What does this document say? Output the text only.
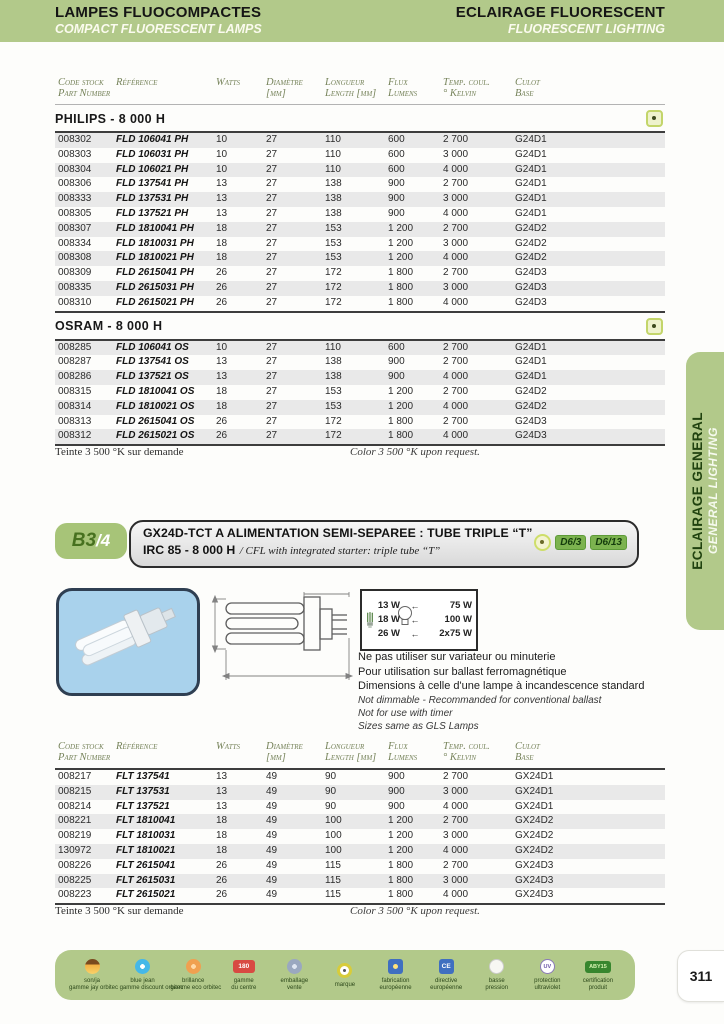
LAMPES FLUOCOMPACTES
COMPACT FLUORESCENT LAMPS
ECLAIRAGE FLUORESCENT
FLUORESCENT LIGHTING
Code stock
Part Number	Référence	Watts	Diamètre
[mm]	Longueur
Length [mm]	Flux
Lumens	Temp. coul.
° Kelvin	Culot
Base

PHILIPS - 8 000 H							

008302	FLD 106041 PH	10	27	110	600	2 700	G24D1
008303	FLD 106031 PH	10	27	110	600	3 000	G24D1
008304	FLD 106021 PH	10	27	110	600	4 000	G24D1
008306	FLD 137541 PH	13	27	138	900	2 700	G24D1
008333	FLD 137531 PH	13	27	138	900	3 000	G24D1
008305	FLD 137521 PH	13	27	138	900	4 000	G24D1
008307	FLD 1810041 PH	18	27	153	1 200	2 700	G24D2
008334	FLD 1810031 PH	18	27	153	1 200	3 000	G24D2
008308	FLD 1810021 PH	18	27	153	1 200	4 000	G24D2
008309	FLD 2615041 PH	26	27	172	1 800	2 700	G24D3
008335	FLD 2615031 PH	26	27	172	1 800	3 000	G24D3
008310	FLD 2615021 PH	26	27	172	1 800	4 000	G24D3

OSRAM - 8 000 H							

008285	FLD 106041 OS	10	27	110	600	2 700	G24D1
008287	FLD 137541 OS	13	27	138	900	2 700	G24D1
008286	FLD 137521 OS	13	27	138	900	4 000	G24D1
008315	FLD 1810041 OS	18	27	153	1 200	2 700	G24D2
008314	FLD 1810021 OS	18	27	153	1 200	4 000	G24D2
008313	FLD 2615041 OS	26	27	172	1 800	2 700	G24D3
008312	FLD 2615021 OS	26	27	172	1 800	4 000	G24D3
Teinte 3 500 °K sur demande	Color 3 500 °K upon request.
B3 /4	GX24D-TCT A ALIMENTATION SEMI-SEPAREE : TUBE TRIPLE “T”
IRC 85 - 8 000 H / CFL with integrated starter: triple tube “T”
D6/3	D6/13
13 W	←	75 W
18 W	←	100 W
26 W	←	2x75 W
Ne pas utiliser sur variateur ou minuterie
Pour utilisation sur ballast ferromagnétique
Dimensions à celle d'une lampe à incandescence standard
Not dimmable - Recommanded for conventional ballast
Not for use with timer
Sizes same as GLS Lamps
Code stock
Part Number	Référence	Watts	Diamètre
[mm]	Longueur
Length [mm]	Flux
Lumens	Temp. coul.
° Kelvin	Culot
Base

008217	FLT 137541	13	49	90	900	2 700	GX24D1
008215	FLT 137531	13	49	90	900	3 000	GX24D1
008214	FLT 137521	13	49	90	900	4 000	GX24D1
008221	FLT 1810041	18	49	100	1 200	2 700	GX24D2
008219	FLT 1810031	18	49	100	1 200	3 000	GX24D2
130972	FLT 1810021	18	49	100	1 200	4 000	GX24D2
008226	FLT 2615041	26	49	115	1 800	2 700	GX24D3
008225	FLT 2615031	26	49	115	1 800	3 000	GX24D3
008223	FLT 2615021	26	49	115	1 800	4 000	GX24D3
Teinte 3 500 °K sur demande	Color 3 500 °K upon request.
son/ja
gamme jay orbitec
blue jean
gamme discount orbitec
brillance
gamme eco orbitec
180
gamme
du centre
emballage
vente
marque
fabrication
européenne
CE
directive
européenne
basse
pression
UV
protection
ultraviolet
ABY15
certification
produit
311
ECLAIRAGE GENERAL GENERAL LIGHTING
